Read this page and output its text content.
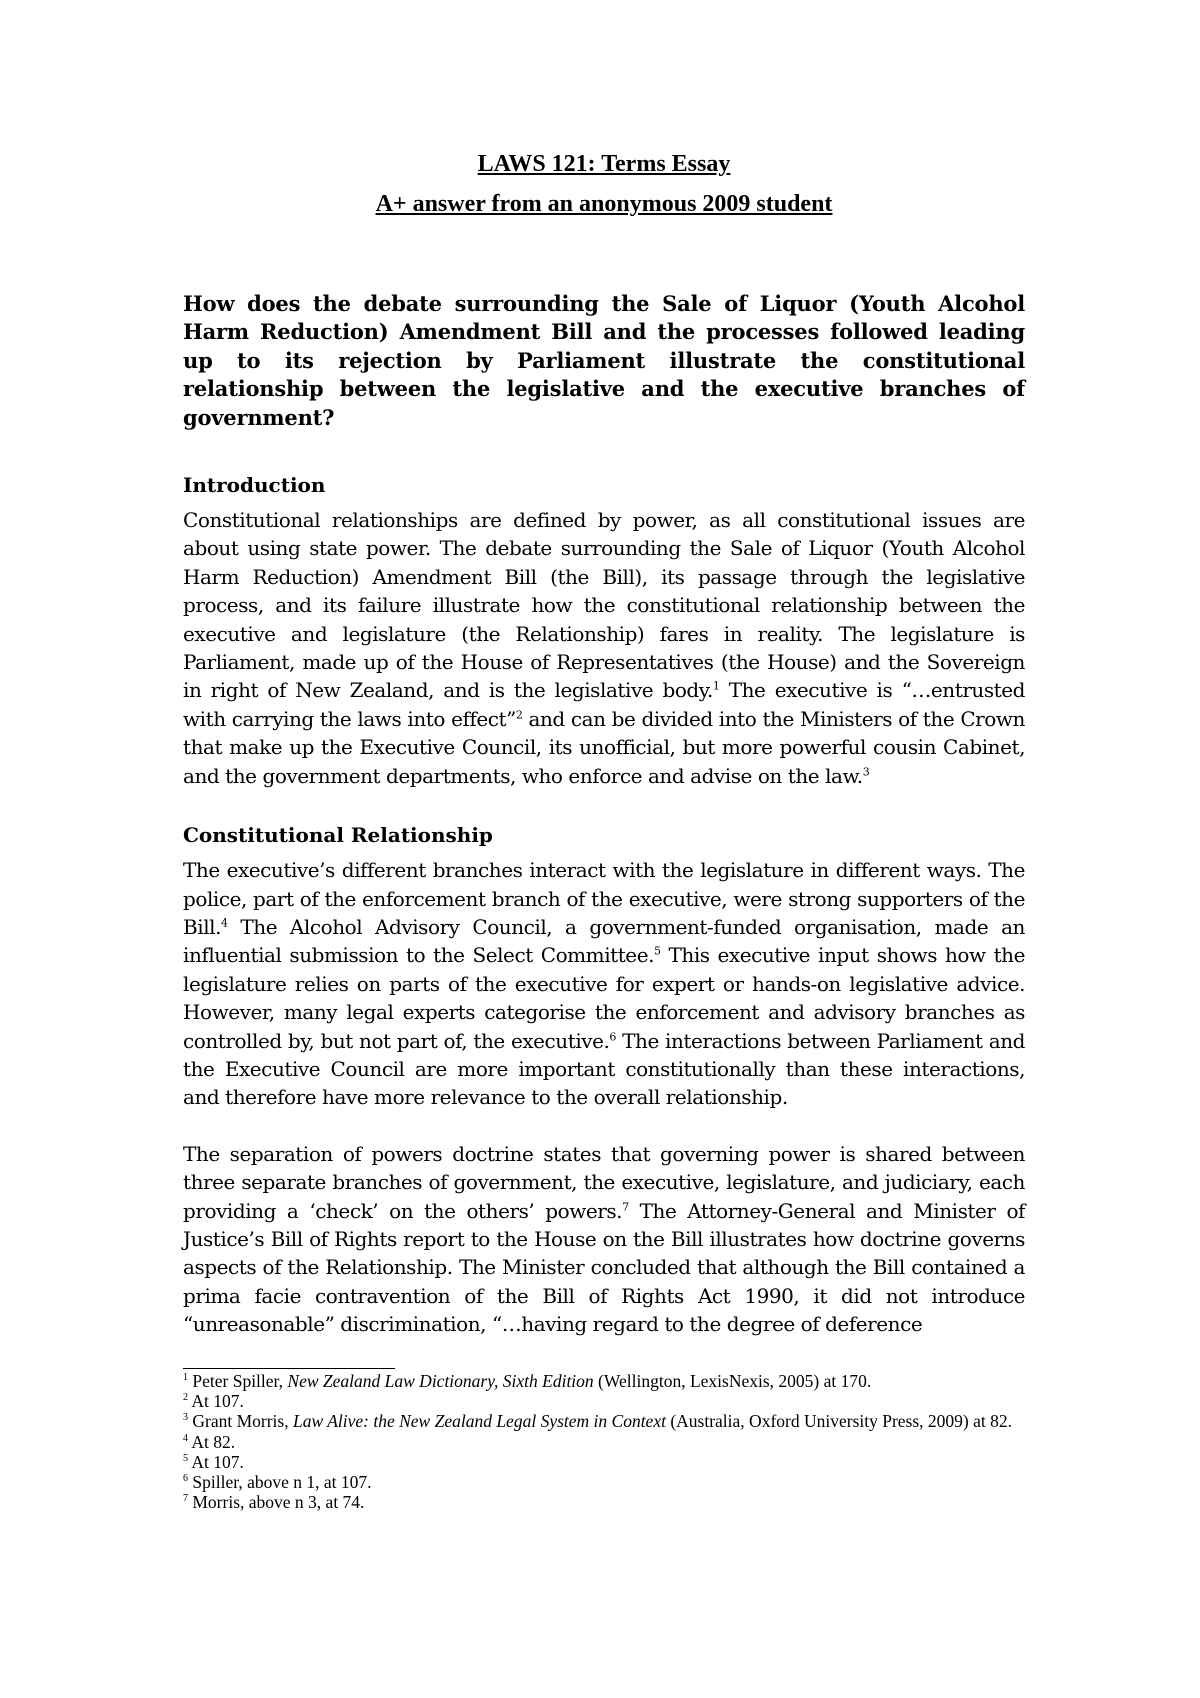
LAWS 121: Terms Essay
A+ answer from an anonymous 2009 student
How does the debate surrounding the Sale of Liquor (Youth Alcohol Harm Reduction) Amendment Bill and the processes followed leading up to its rejection by Parliament illustrate the constitutional relationship between the legislative and the executive branches of government?
Introduction
Constitutional relationships are defined by power, as all constitutional issues are about using state power. The debate surrounding the Sale of Liquor (Youth Alcohol Harm Reduction) Amendment Bill (the Bill), its passage through the legislative process, and its failure illustrate how the constitutional relationship between the executive and legislature (the Relationship) fares in reality. The legislature is Parliament, made up of the House of Representatives (the House) and the Sovereign in right of New Zealand, and is the legislative body.$^1$ The executive is “…entrusted with carrying the laws into effect”$^2$ and can be divided into the Ministers of the Crown that make up the Executive Council, its unofficial, but more powerful cousin Cabinet, and the government departments, who enforce and advise on the law.$^3$
Constitutional Relationship
The executive’s different branches interact with the legislature in different ways. The police, part of the enforcement branch of the executive, were strong supporters of the Bill.$^4$ The Alcohol Advisory Council, a government-funded organisation, made an influential submission to the Select Committee.$^5$ This executive input shows how the legislature relies on parts of the executive for expert or hands-on legislative advice. However, many legal experts categorise the enforcement and advisory branches as controlled by, but not part of, the executive.$^6$ The interactions between Parliament and the Executive Council are more important constitutionally than these interactions, and therefore have more relevance to the overall relationship.
The separation of powers doctrine states that governing power is shared between three separate branches of government, the executive, legislature, and judiciary, each providing a ‘check’ on the others’ powers.$^7$ The Attorney-General and Minister of Justice’s Bill of Rights report to the House on the Bill illustrates how doctrine governs aspects of the Relationship. The Minister concluded that although the Bill contained a prima facie contravention of the Bill of Rights Act 1990, it did not introduce “unreasonable” discrimination, “…having regard to the degree of deference

$^1$ Peter Spiller, New Zealand Law Dictionary, Sixth Edition (Wellington, LexisNexis, 2005) at 170.

$^2$ At 107.

$^3$ Grant Morris, Law Alive: the New Zealand Legal System in Context (Australia, Oxford University Press, 2009) at 82.

$^4$ At 82.

$^5$ At 107.

$^6$ Spiller, above n 1, at 107.

$^7$ Morris, above n 3, at 74.
